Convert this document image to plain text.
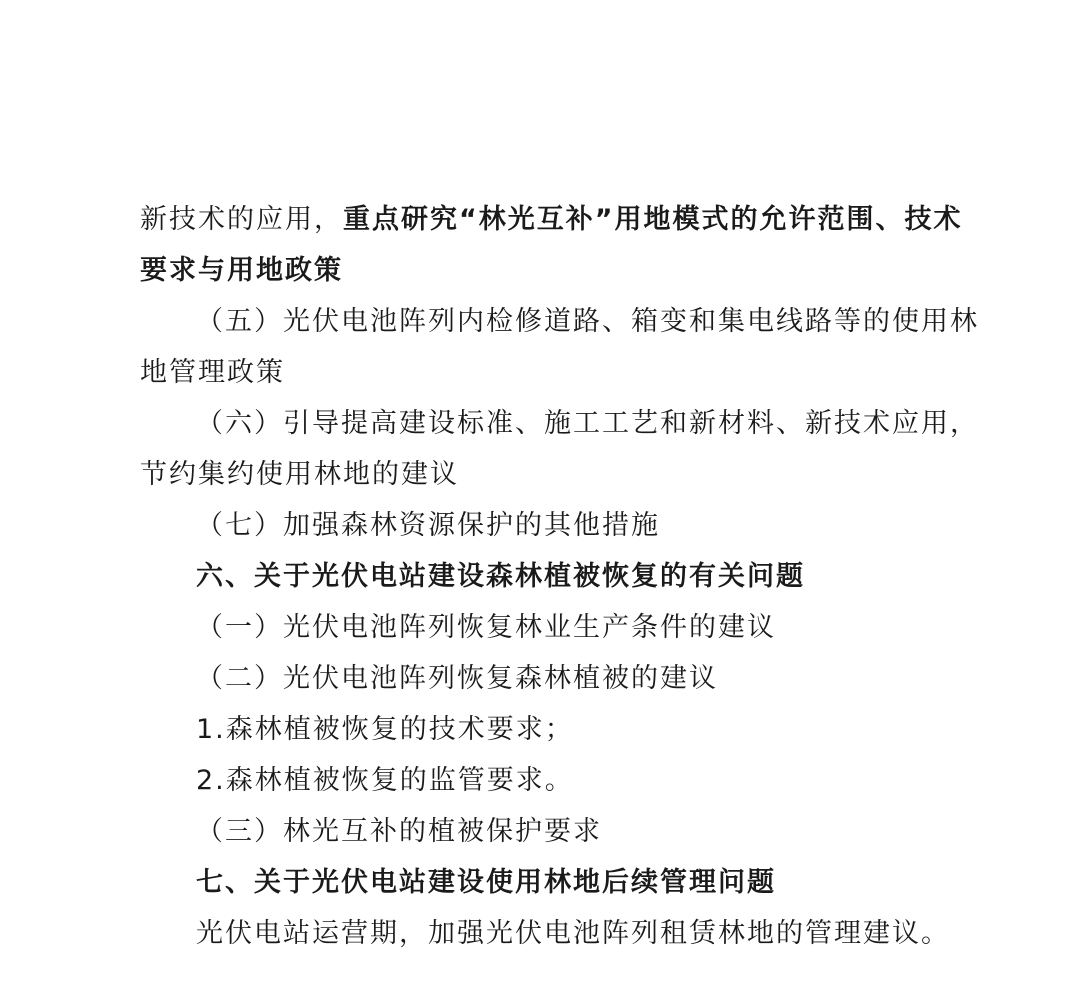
新技术的应用，重点研究“林光互补”用地模式的允许范围、技术

要求与用地政策

（五）光伏电池阵列内检修道路、箱变和集电线路等的使用林

地管理政策

（六）引导提高建设标准、施工工艺和新材料、新技术应用，

节约集约使用林地的建议

（七）加强森林资源保护的其他措施

六、关于光伏电站建设森林植被恢复的有关问题

（一）光伏电池阵列恢复林业生产条件的建议

（二）光伏电池阵列恢复森林植被的建议

1.森林植被恢复的技术要求；

2.森林植被恢复的监管要求。

（三）林光互补的植被保护要求

七、关于光伏电站建设使用林地后续管理问题

光伏电站运营期，加强光伏电池阵列租赁林地的管理建议。
